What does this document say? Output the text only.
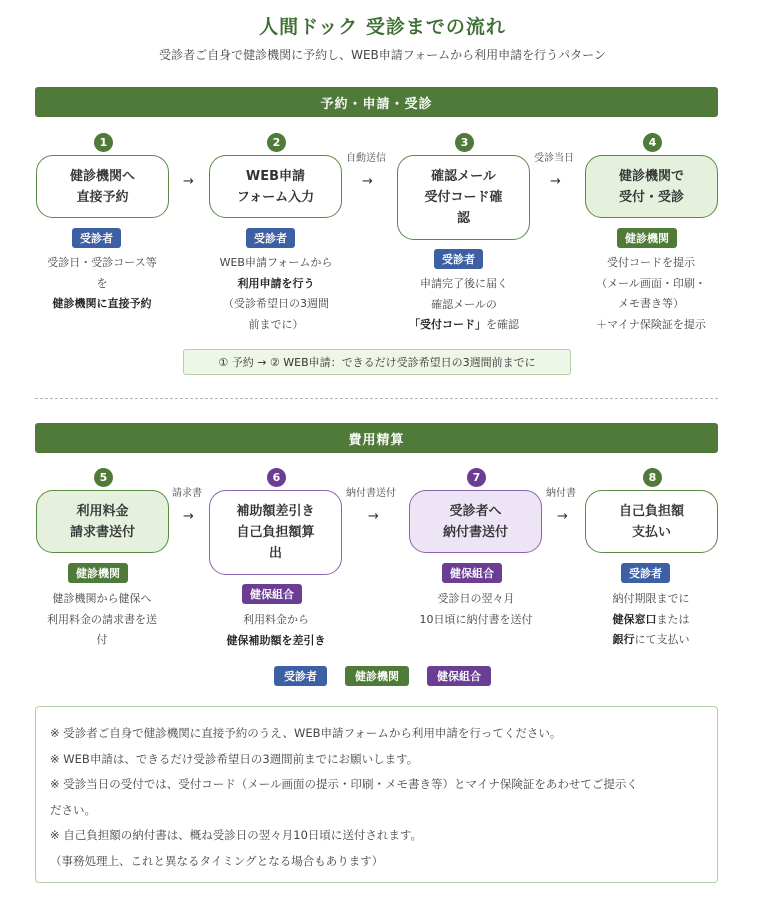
人間ドック 受診までの流れ
受診者ご自身で健診機関に予約し、WEB申請フォームから利用申請を行うパターン
予約・申請・受診
1
健診機関へ
直接予約
受診者
受診日・受診コース等
を
健診機関に直接予約
→
2
WEB申請
フォーム入力
受診者
WEB申請フォームから
利用申請を行う
（受診希望日の3週間
前までに）
自動送信
→
3
確認メール
受付コード確
認
受診者
申請完了後に届く
確認メールの
「受付コード」を確認
受診当日
→
4
健診機関で
受付・受診
健診機関
受付コードを提示
（メール画面・印刷・
メモ書き等）
＋マイナ保険証を提示
① 予約 → ② WEB申請：できるだけ受診希望日の3週間前までに
費用精算
5
利用料金
請求書送付
健診機関
健診機関から健保へ
利用料金の請求書を送
付
請求書
→
6
補助額差引き
自己負担額算
出
健保組合
利用料金から
健保補助額を差引き
納付書送付
→
7
受診者へ
納付書送付
健保組合
受診日の翌々月
10日頃に納付書を送付
納付書
→
8
自己負担額
支払い
受診者
納付期限までに
健保窓口または
銀行にて支払い
受診者	健診機関	健保組合
※ 受診者ご自身で健診機関に直接予約のうえ、WEB申請フォームから利用申請を行ってください。
※ WEB申請は、できるだけ受診希望日の3週間前までにお願いします。
※ 受診当日の受付では、受付コード（メール画面の提示・印刷・メモ書き等）とマイナ保険証をあわせてご提示く
ださい。
※ 自己負担額の納付書は、概ね受診日の翌々月10日頃に送付されます。
（事務処理上、これと異なるタイミングとなる場合もあります）
